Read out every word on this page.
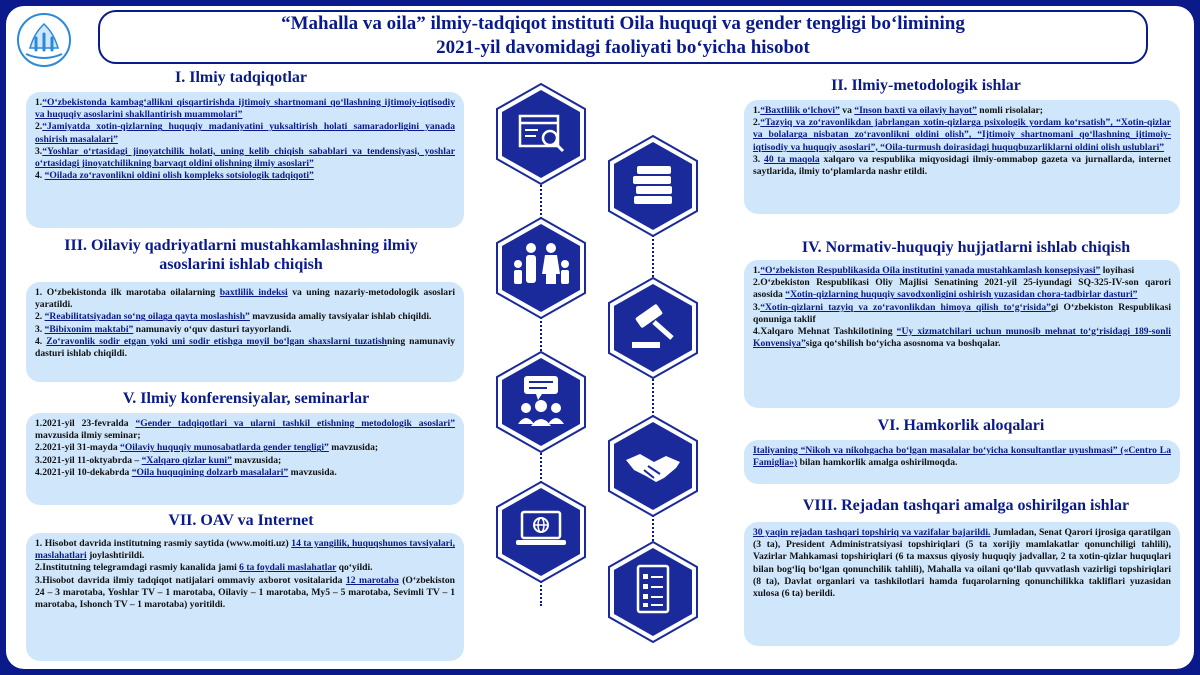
“Mahalla va oila” ilmiy-tadqiqot instituti Oila huquqi va gender tengligi bo‘limining
2021-yil davomidagi faoliyati bo‘yicha hisobot
I. Ilmiy tadqiqotlar

1.“O‘zbekistonda kambag‘allikni qisqartirishda ijtimoiy shartnomani qo‘llashning ijtimoiy-iqtisodiy va huquqiy asoslarini shakllantirish muammolari”

2.“Jamiyatda xotin-qizlarning huquqiy madaniyatini yuksaltirish holati samaradorligini yanada oshirish masalalari”

3.“Yoshlar o‘rtasidagi jinoyatchilik holati, uning kelib chiqish sabablari va tendensiyasi, yoshlar o‘rtasidagi jinoyatchilikning barvaqt oldini olishning ilmiy asoslari”

4. “Oilada zo‘ravonlikni oldini olish kompleks sotsiologik tadqiqoti”

III. Oilaviy qadriyatlarni mustahkamlashning ilmiy asoslarini ishlab chiqish

1. O‘zbekistonda ilk marotaba oilalarning baxtlilik indeksi va uning nazariy-metodologik asoslari yaratildi.

2. “Reabilitatsiyadan so‘ng oilaga qayta moslashish” mavzusida amaliy tavsiyalar ishlab chiqildi.

3. “Bibixonim maktabi” namunaviy o‘quv dasturi tayyorlandi.

4. Zo‘ravonlik sodir etgan yoki uni sodir etishga moyil bo‘lgan shaxslarni tuzatishning namunaviy dasturi ishlab chiqildi.

V. Ilmiy konferensiyalar, seminarlar

1.2021-yil 23-fevralda “Gender tadqiqotlari va ularni tashkil etishning metodologik asoslari” mavzusida ilmiy seminar;

2.2021-yil 31-mayda “Oilaviy huquqiy munosabatlarda gender tengligi” mavzusida;

3.2021-yil 11-oktyabrda – “Xalqaro qizlar kuni” mavzusida;

4.2021-yil 10-dekabrda “Oila huquqining dolzarb masalalari” mavzusida.

VII. OAV va Internet

1. Hisobot davrida institutning rasmiy saytida (www.moiti.uz) 14 ta yangilik, huquqshunos tavsiyalari, maslahatlari joylashtirildi.

2.Institutning telegramdagi rasmiy kanalida jami 6 ta foydali maslahatlar qo‘yildi.

3.Hisobot davrida ilmiy tadqiqot natijalari ommaviy axborot vositalarida 12 marotaba (O‘zbekiston 24 – 3 marotaba, Yoshlar TV – 1 marotaba, Oilaviy – 1 marotaba, My5 – 5 marotaba, Sevimli TV – 1 marotaba, Ishonch TV – 1 marotaba) yoritildi.

II. Ilmiy-metodologik ishlar

1.“Baxtlilik o‘lchovi” va “Inson baxti va oilaviy hayot” nomli risolalar;

2.“Tazyiq va zo‘ravonlikdan jabrlangan xotin-qizlarga psixologik yordam ko‘rsatish”, “Xotin-qizlar va bolalarga nisbatan zo‘ravonlikni oldini olish”, “Ijtimoiy shartnomani qo‘llashning ijtimoiy-iqtisodiy va huquqiy asoslari”, “Oila-turmush doirasidagi huquqbuzarliklarni oldini olish uslublari”

3. 40 ta maqola xalqaro va respublika miqyosidagi ilmiy-ommabop gazeta va jurnallarda, internet saytlarida, ilmiy to‘plamlarda nashr etildi.

IV. Normativ-huquqiy hujjatlarni ishlab chiqish

1.“O‘zbekiston Respublikasida Oila institutini yanada mustahkamlash konsepsiyasi” loyihasi

2.O‘zbekiston Respublikasi Oliy Majlisi Senatining 2021-yil 25-iyundagi SQ-325-IV-son qarori asosida “Xotin-qizlarning huquqiy savodxonligini oshirish yuzasidan chora-tadbirlar dasturi”

3.“Xotin-qizlarni tazyiq va zo‘ravonlikdan himoya qilish to‘g‘risida”gi O‘zbekiston Respublikasi qonuniga taklif

4.Xalqaro Mehnat Tashkilotining “Uy xizmatchilari uchun munosib mehnat to‘g‘risidagi 189-sonli Konvensiya”siga qo‘shilish bo‘yicha asosnoma va boshqalar.

VI. Hamkorlik aloqalari

Italiyaning “Nikoh va nikohgacha bo‘lgan masalalar bo‘yicha konsultantlar uyushmasi” («Centro La Famiglia») bilan hamkorlik amalga oshirilmoqda.

VIII. Rejadan tashqari amalga oshirilgan ishlar

30 yaqin rejadan tashqari topshiriq va vazifalar bajarildi. Jumladan, Senat Qarori ijrosiga qaratilgan (3 ta), President Administratsiyasi topshiriqlari (5 ta xorijiy mamlakatlar qonunchiligi tahlili), Vazirlar Mahkamasi topshiriqlari (6 ta maxsus qiyosiy huquqiy jadvallar, 2 ta xotin-qizlar huquqlari bilan bog‘liq bo‘lgan qonunchilik tahlili), Mahalla va oilani qo‘llab quvvatlash vazirligi topshiriqlari (8 ta), Davlat organlari va tashkilotlari hamda fuqarolarning qonunchilikka takliflari yuzasidan xulosa (6 ta) berildi.
